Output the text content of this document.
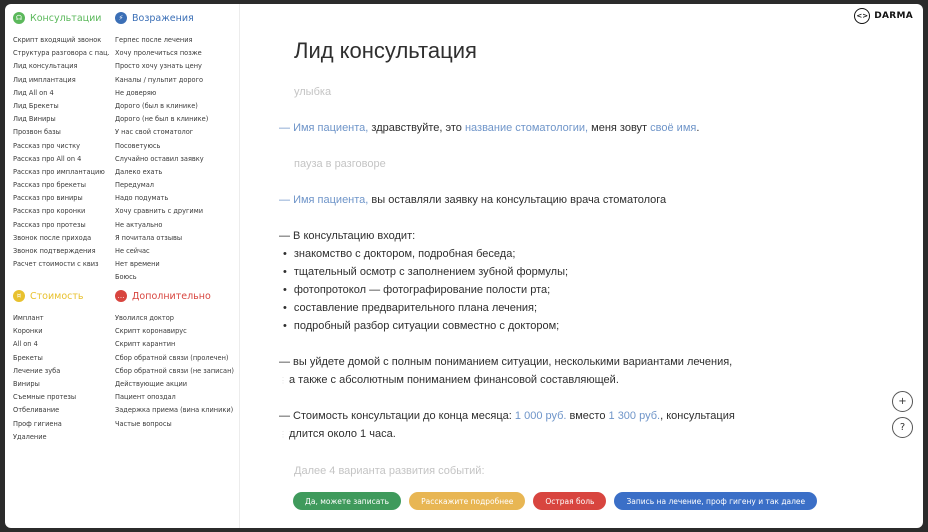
☊ Консультации
Скрипт входящий звонок
Структура разговора с пац.
Лид консультация
Лид имплантация
Лид All on 4
Лид Брекеты
Лид Виниры
Прозвон базы
Рассказ про чистку
Рассказ про All on 4
Рассказ про имплантацию
Рассказ про брекеты
Рассказ про виниры
Рассказ про коронки
Рассказ про протезы
Звонок после прихода
Звонок подтверждения
Расчет стоимости с квиз
⚡ Возражения
Герпес после лечения
Хочу пролечиться позже
Просто хочу узнать цену
Каналы / пульпит дорого
Не доверяю
Дорого (был в клинике)
Дорого (не был в клинике)
У нас свой стоматолог
Посоветуюсь
Случайно оставил заявку
Далеко ехать
Передумал
Надо подумать
Хочу сравнить с другими
Не актуально
Я почитала отзывы
Не сейчас
Нет времени
Боюсь
¤ Стоимость
Имплант
Коронки
All on 4
Брекеты
Лечение зуба
Виниры
Съемные протезы
Отбеливание
Проф гигиена
Удаление
… Дополнительно
Уволился доктор
Скрипт коронавирус
Скрипт карантин
Сбор обратной связи (пролечен)
Сбор обратной связи (не записан)
Действующие акции
Пациент опоздал
Задержка приема (вина клиники)
Частые вопросы
<> DARMA
Лид консультация
улыбка
— Имя пациента, здравствуйте, это название стоматологии, меня зовут своё имя.
пауза в разговоре
— Имя пациента, вы оставляли заявку на консультацию врача стоматолога
— В консультацию входит:
— вы уйдете домой с полным пониманием ситуации, несколькими вариантами лечения,
⋮⋮а также с абсолютным пониманием финансовой составляющей.
— Стоимость консультации до конца месяца: 1 000 руб. вместо 1 300 руб., консультация
⋮⋮длится около 1 часа.
Далее 4 варианта развития событий:
• знакомство с доктором, подробная беседа;
• тщательный осмотр с заполнением зубной формулы;
• фотопротокол — фотографирование полости рта;
• составление предварительного плана лечения;
• подробный разбор ситуации совместно с доктором;
Да, можете записать	Расскажите подробнее	Острая боль	Запись на лечение, проф гигену и так далее
+
?
